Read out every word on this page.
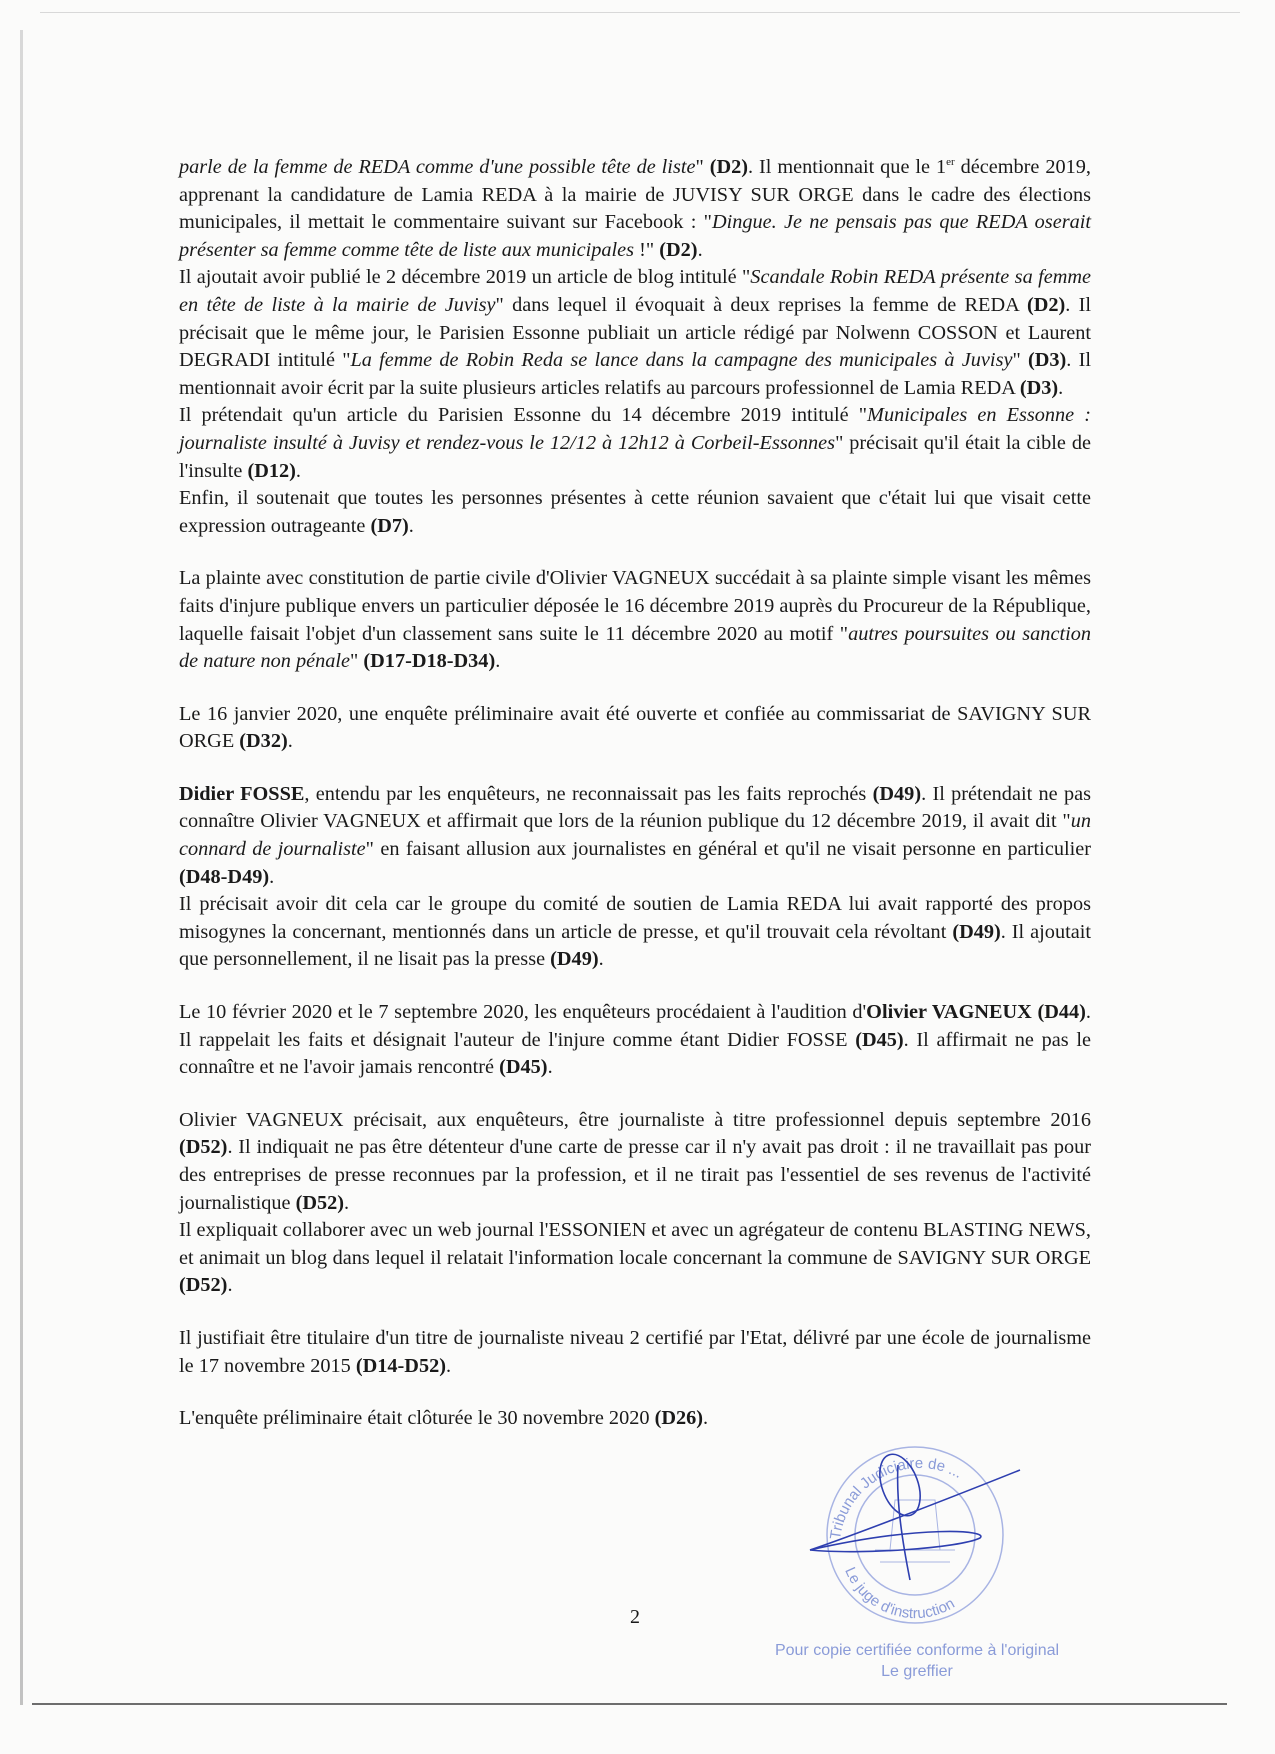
parle de la femme de REDA comme d'une possible tête de liste" (D2). Il mentionnait que le 1er décembre 2019, apprenant la candidature de Lamia REDA à la mairie de JUVISY SUR ORGE dans le cadre des élections municipales, il mettait le commentaire suivant sur Facebook : "Dingue. Je ne pensais pas que REDA oserait présenter sa femme comme tête de liste aux municipales !" (D2).

Il ajoutait avoir publié le 2 décembre 2019 un article de blog intitulé "Scandale Robin REDA présente sa femme en tête de liste à la mairie de Juvisy" dans lequel il évoquait à deux reprises la femme de REDA (D2). Il précisait que le même jour, le Parisien Essonne publiait un article rédigé par Nolwenn COSSON et Laurent DEGRADI intitulé "La femme de Robin Reda se lance dans la campagne des municipales à Juvisy" (D3). Il mentionnait avoir écrit par la suite plusieurs articles relatifs au parcours professionnel de Lamia REDA (D3).

Il prétendait qu'un article du Parisien Essonne du 14 décembre 2019 intitulé "Municipales en Essonne : journaliste insulté à Juvisy et rendez-vous le 12/12 à 12h12 à Corbeil-Essonnes" précisait qu'il était la cible de l'insulte (D12).

Enfin, il soutenait que toutes les personnes présentes à cette réunion savaient que c'était lui que visait cette expression outrageante (D7).

La plainte avec constitution de partie civile d'Olivier VAGNEUX succédait à sa plainte simple visant les mêmes faits d'injure publique envers un particulier déposée le 16 décembre 2019 auprès du Procureur de la République, laquelle faisait l'objet d'un classement sans suite le 11 décembre 2020 au motif "autres poursuites ou sanction de nature non pénale" (D17-D18-D34).

Le 16 janvier 2020, une enquête préliminaire avait été ouverte et confiée au commissariat de SAVIGNY SUR ORGE (D32).

Didier FOSSE, entendu par les enquêteurs, ne reconnaissait pas les faits reprochés (D49). Il prétendait ne pas connaître Olivier VAGNEUX et affirmait que lors de la réunion publique du 12 décembre 2019, il avait dit "un connard de journaliste" en faisant allusion aux journalistes en général et qu'il ne visait personne en particulier (D48-D49).

Il précisait avoir dit cela car le groupe du comité de soutien de Lamia REDA lui avait rapporté des propos misogynes la concernant, mentionnés dans un article de presse, et qu'il trouvait cela révoltant (D49). Il ajoutait que personnellement, il ne lisait pas la presse (D49).

Le 10 février 2020 et le 7 septembre 2020, les enquêteurs procédaient à l'audition d'Olivier VAGNEUX (D44). Il rappelait les faits et désignait l'auteur de l'injure comme étant Didier FOSSE (D45). Il affirmait ne pas le connaître et ne l'avoir jamais rencontré (D45).

Olivier VAGNEUX précisait, aux enquêteurs, être journaliste à titre professionnel depuis septembre 2016 (D52). Il indiquait ne pas être détenteur d'une carte de presse car il n'y avait pas droit : il ne travaillait pas pour des entreprises de presse reconnues par la profession, et il ne tirait pas l'essentiel de ses revenus de l'activité journalistique (D52).

Il expliquait collaborer avec un web journal l'ESSONIEN et avec un agrégateur de contenu BLASTING NEWS, et animait un blog dans lequel il relatait l'information locale concernant la commune de SAVIGNY SUR ORGE (D52).

Il justifiait être titulaire d'un titre de journaliste niveau 2 certifié par l'Etat, délivré par une école de journalisme le 17 novembre 2015 (D14-D52).

L'enquête préliminaire était clôturée le 30 novembre 2020 (D26).

2
Tribunal Judiciaire de ...
Le juge d'instruction
Pour copie certifiée conforme à l'original
Le greffier
